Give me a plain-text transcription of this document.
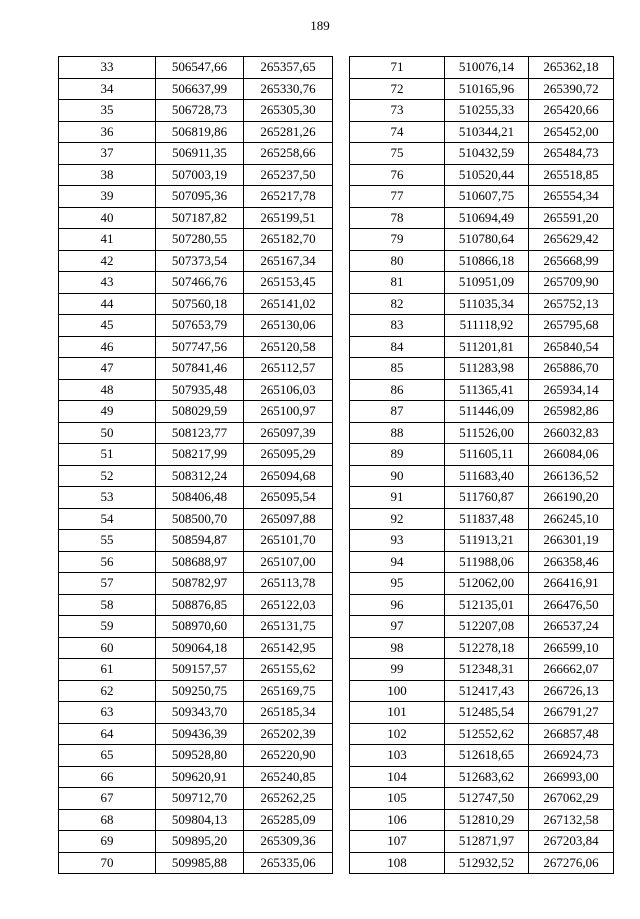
189
33	506547,66	265357,65
34	506637,99	265330,76
35	506728,73	265305,30
36	506819,86	265281,26
37	506911,35	265258,66
38	507003,19	265237,50
39	507095,36	265217,78
40	507187,82	265199,51
41	507280,55	265182,70
42	507373,54	265167,34
43	507466,76	265153,45
44	507560,18	265141,02
45	507653,79	265130,06
46	507747,56	265120,58
47	507841,46	265112,57
48	507935,48	265106,03
49	508029,59	265100,97
50	508123,77	265097,39
51	508217,99	265095,29
52	508312,24	265094,68
53	508406,48	265095,54
54	508500,70	265097,88
55	508594,87	265101,70
56	508688,97	265107,00
57	508782,97	265113,78
58	508876,85	265122,03
59	508970,60	265131,75
60	509064,18	265142,95
61	509157,57	265155,62
62	509250,75	265169,75
63	509343,70	265185,34
64	509436,39	265202,39
65	509528,80	265220,90
66	509620,91	265240,85
67	509712,70	265262,25
68	509804,13	265285,09
69	509895,20	265309,36
70	509985,88	265335,06
71	510076,14	265362,18
72	510165,96	265390,72
73	510255,33	265420,66
74	510344,21	265452,00
75	510432,59	265484,73
76	510520,44	265518,85
77	510607,75	265554,34
78	510694,49	265591,20
79	510780,64	265629,42
80	510866,18	265668,99
81	510951,09	265709,90
82	511035,34	265752,13
83	511118,92	265795,68
84	511201,81	265840,54
85	511283,98	265886,70
86	511365,41	265934,14
87	511446,09	265982,86
88	511526,00	266032,83
89	511605,11	266084,06
90	511683,40	266136,52
91	511760,87	266190,20
92	511837,48	266245,10
93	511913,21	266301,19
94	511988,06	266358,46
95	512062,00	266416,91
96	512135,01	266476,50
97	512207,08	266537,24
98	512278,18	266599,10
99	512348,31	266662,07
100	512417,43	266726,13
101	512485,54	266791,27
102	512552,62	266857,48
103	512618,65	266924,73
104	512683,62	266993,00
105	512747,50	267062,29
106	512810,29	267132,58
107	512871,97	267203,84
108	512932,52	267276,06
